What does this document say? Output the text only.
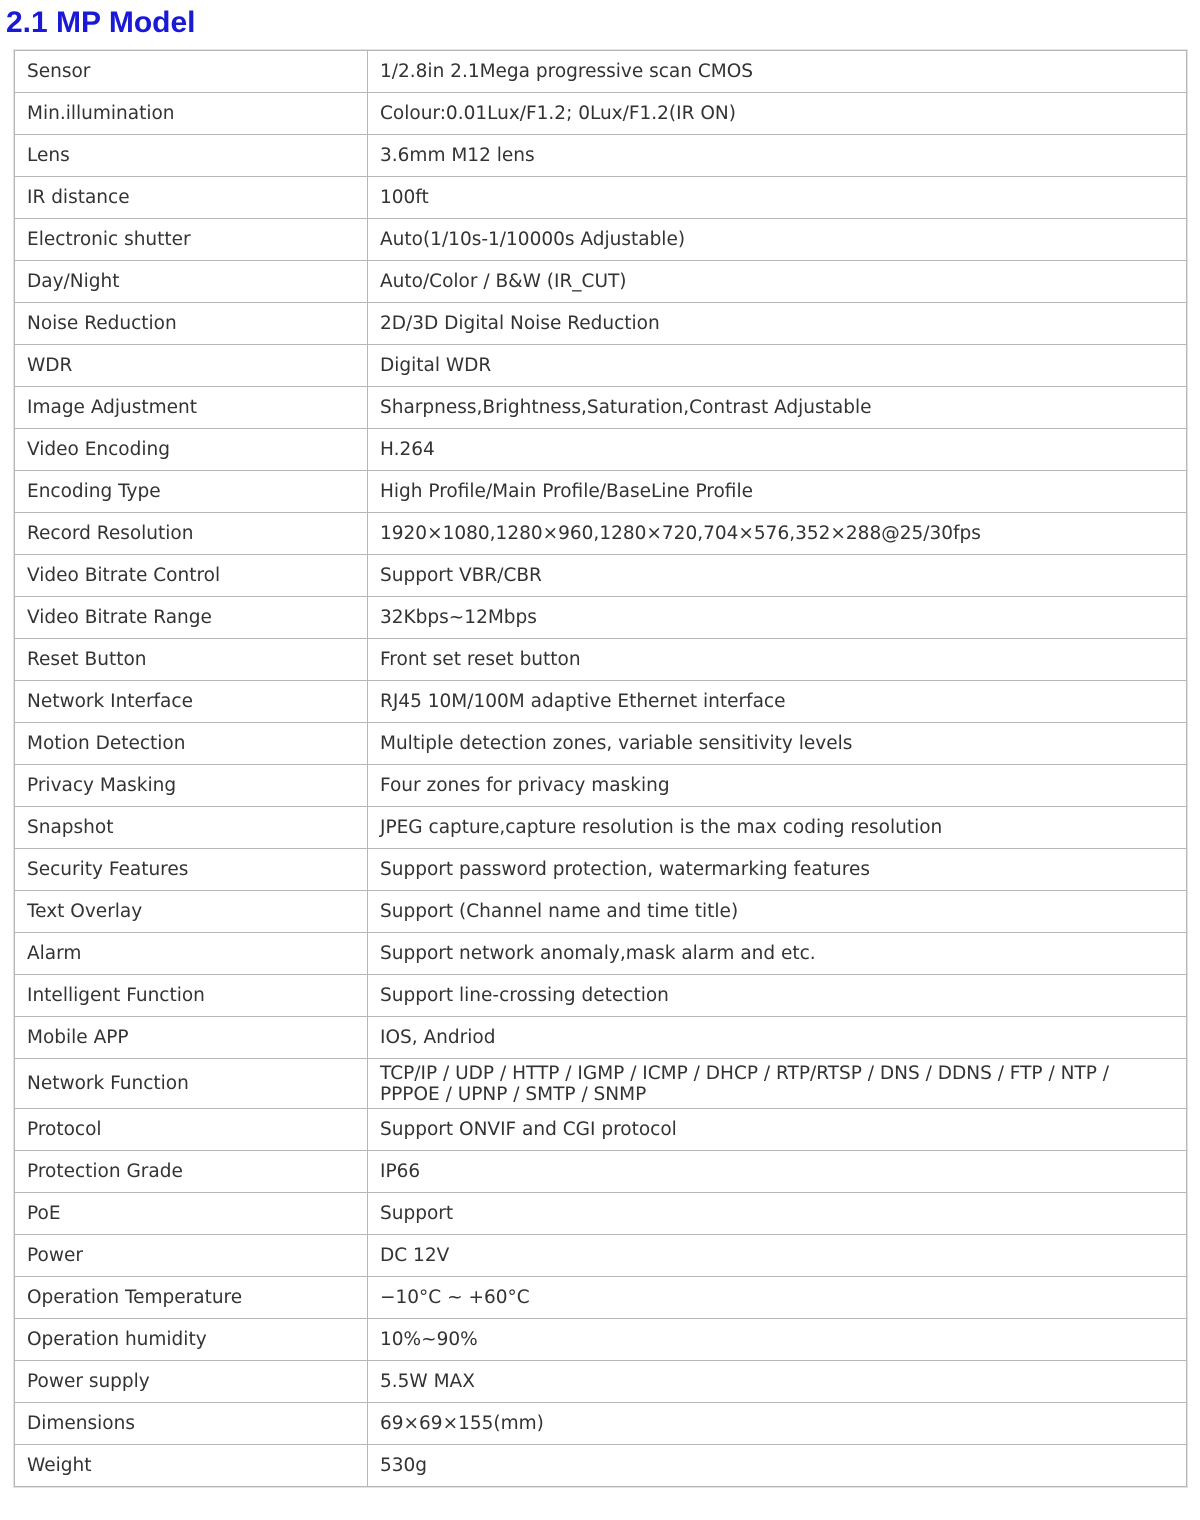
2.1 MP Model
Sensor	1/2.8in 2.1Mega progressive scan CMOS
Min.illumination	Colour:0.01Lux/F1.2; 0Lux/F1.2(IR ON)
Lens	3.6mm M12 lens
IR distance	100ft
Electronic shutter	Auto(1/10s-1/10000s Adjustable)
Day/Night	Auto/Color / B&W (IR_CUT)
Noise Reduction	2D/3D Digital Noise Reduction
WDR	Digital WDR
Image Adjustment	Sharpness,Brightness,Saturation,Contrast Adjustable
Video Encoding	H.264
Encoding Type	High Profile/Main Profile/BaseLine Profile
Record Resolution	1920×1080,1280×960,1280×720,704×576,352×288@25/30fps
Video Bitrate Control	Support VBR/CBR
Video Bitrate Range	32Kbps~12Mbps
Reset Button	Front set reset button
Network Interface	RJ45 10M/100M adaptive Ethernet interface
Motion Detection	Multiple detection zones, variable sensitivity levels
Privacy Masking	Four zones for privacy masking
Snapshot	JPEG capture,capture resolution is the max coding resolution
Security Features	Support password protection, watermarking features
Text Overlay	Support (Channel name and time title)
Alarm	Support network anomaly,mask alarm and etc.
Intelligent Function	Support line-crossing detection
Mobile APP	IOS, Andriod
Network Function	TCP/IP / UDP / HTTP / IGMP / ICMP / DHCP / RTP/RTSP / DNS / DDNS / FTP / NTP / PPPOE / UPNP / SMTP / SNMP
Protocol	Support ONVIF and CGI protocol
Protection Grade	IP66
PoE	Support
Power	DC 12V
Operation Temperature	−10°C ~ +60°C
Operation humidity	10%~90%
Power supply	5.5W MAX
Dimensions	69×69×155(mm)
Weight	530g
